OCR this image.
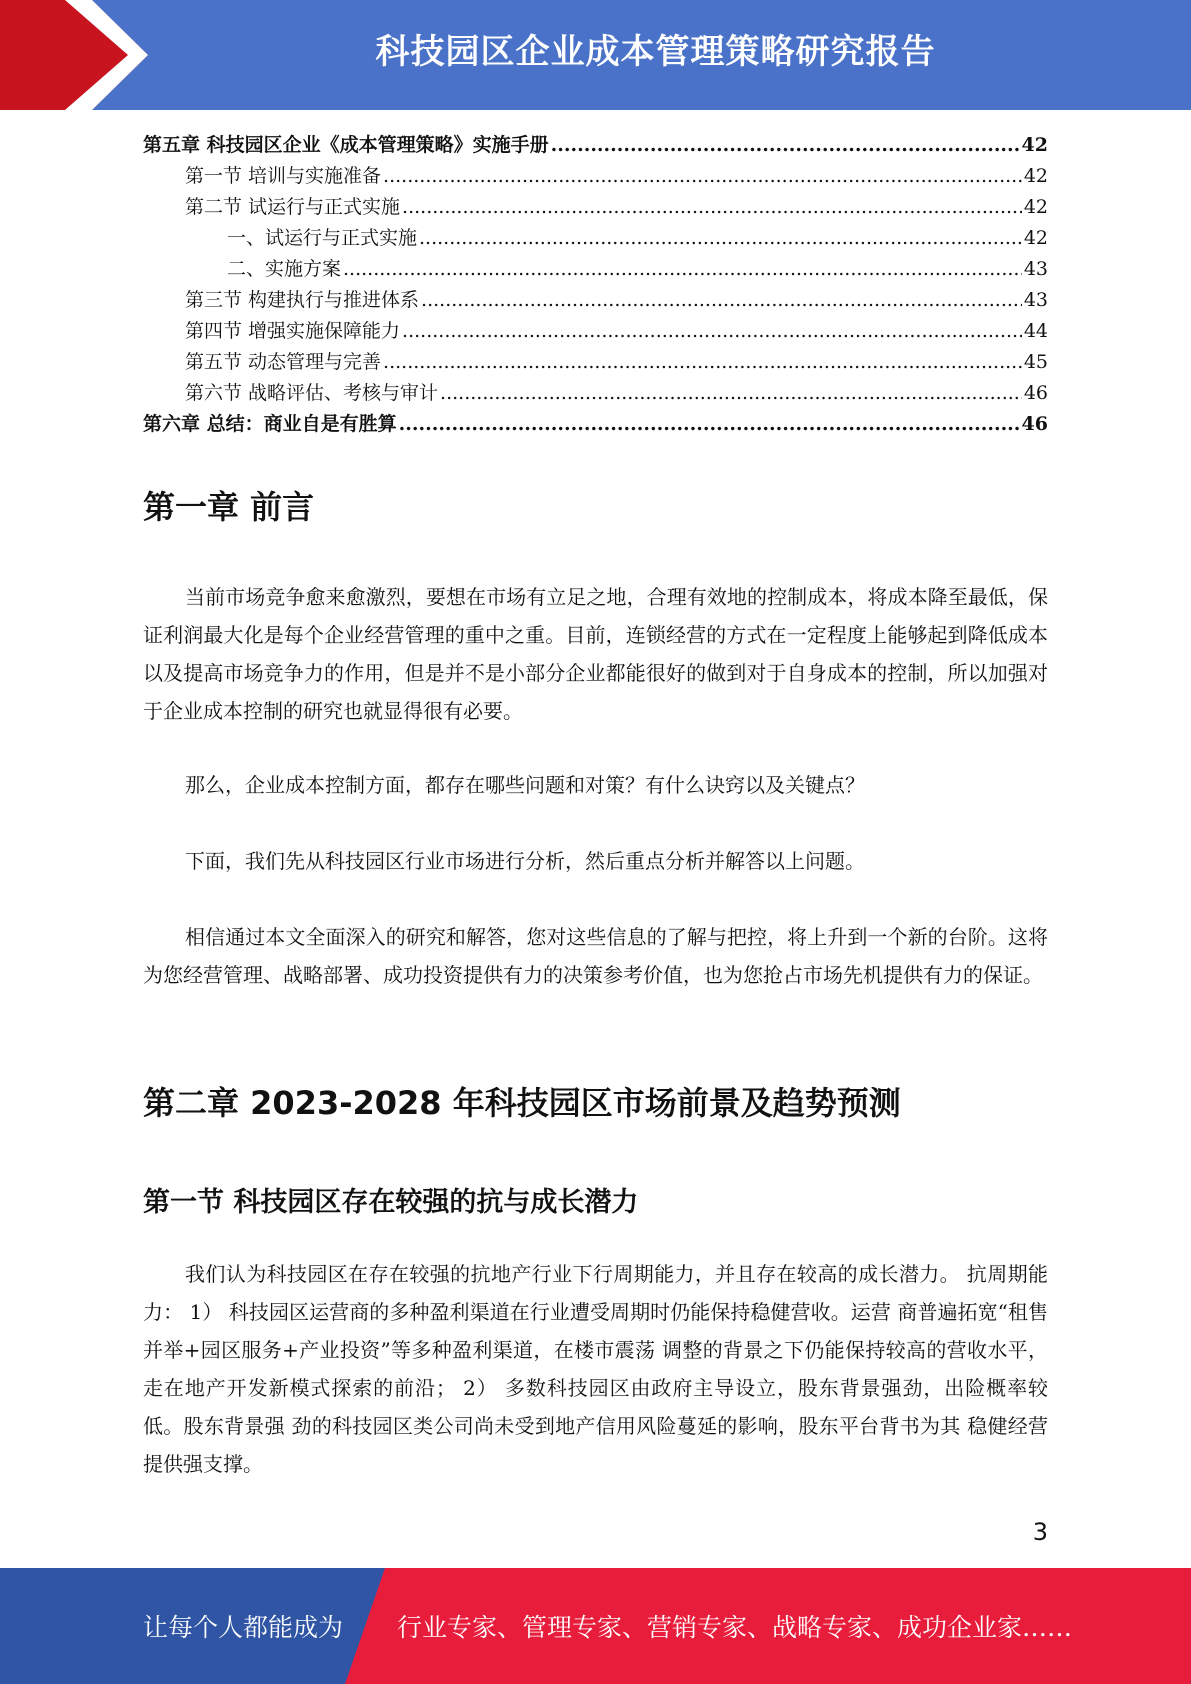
科技园区企业成本管理策略研究报告
第五章 科技园区企业《成本管理策略》实施手册 .....	42
第一节 培训与实施准备 .....	42
第二节 试运行与正式实施 .....	42
一、试运行与正式实施 .....	42
二、实施方案 .....	43
第三节 构建执行与推进体系 .....	43
第四节 增强实施保障能力 .....	44
第五节 动态管理与完善 .....	45
第六节 战略评估、考核与审计 .....	46
第六章 总结：商业自是有胜算 .....	46
第一章 前言

当前市场竞争愈来愈激烈，要想在市场有立足之地，合理有效地的控制成本，将成本降至最低，保证利润最大化是每个企业经营管理的重中之重。目前，连锁经营的方式在一定程度上能够起到降低成本以及提高市场竞争力的作用，但是并不是小部分企业都能很好的做到对于自身成本的控制，所以加强对于企业成本控制的研究也就显得很有必要。

那么，企业成本控制方面，都存在哪些问题和对策？有什么诀窍以及关键点？

下面，我们先从科技园区行业市场进行分析，然后重点分析并解答以上问题。

相信通过本文全面深入的研究和解答，您对这些信息的了解与把控，将上升到一个新的台阶。这将为您经营管理、战略部署、成功投资提供有力的决策参考价值，也为您抢占市场先机提供有力的保证。

第二章 2023-2028 年科技园区市场前景及趋势预测
第一节 科技园区存在较强的抗与成长潜力

我们认为科技园区在存在较强的抗地产行业下行周期能力，并且存在较高的成长潜力。 抗周期能力： 1） 科技园区运营商的多种盈利渠道在行业遭受周期时仍能保持稳健营收。运营 商普遍拓宽“租售并举+园区服务+产业投资”等多种盈利渠道，在楼市震荡 调整的背景之下仍能保持较高的营收水平，走在地产开发新模式探索的前沿； 2） 多数科技园区由政府主导设立，股东背景强劲，出险概率较低。股东背景强 劲的科技园区类公司尚未受到地产信用风险蔓延的影响，股东平台背书为其 稳健经营提供强支撑。

3
让每个人都能成为 行业专家、管理专家、营销专家、战略专家、成功企业家……
